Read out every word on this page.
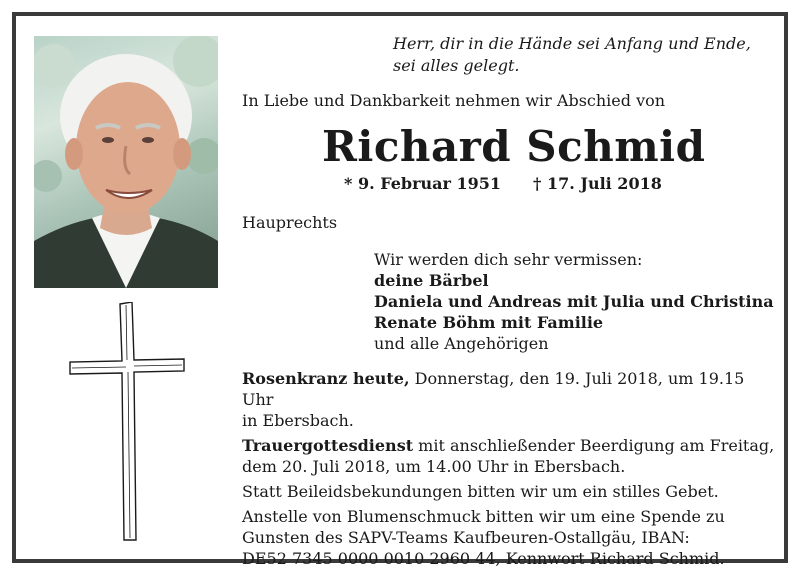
Herr, dir in die Hände sei Anfang und Ende,
sei alles gelegt.
In Liebe und Dankbarkeit nehmen wir Abschied von
Richard Schmid
* 9. Februar 1951 † 17. Juli 2018
Hauprechts
Wir werden dich sehr vermissen:
deine Bärbel
Daniela und Andreas mit Julia und Christina
Renate Böhm mit Familie
und alle Angehörigen

Rosenkranz heute, Donnerstag, den 19. Juli 2018, um 19.15 Uhr
in Ebersbach.

Trauergottesdienst mit anschließender Beerdigung am Freitag,
dem 20. Juli 2018, um 14.00 Uhr in Ebersbach.

Statt Beileidsbekundungen bitten wir um ein stilles Gebet.

Anstelle von Blumenschmuck bitten wir um eine Spende zu
Gunsten des SAPV-Teams Kaufbeuren-Ostallgäu, IBAN:
DE52 7345 0000 0010 2960 44, Kennwort Richard Schmid.
